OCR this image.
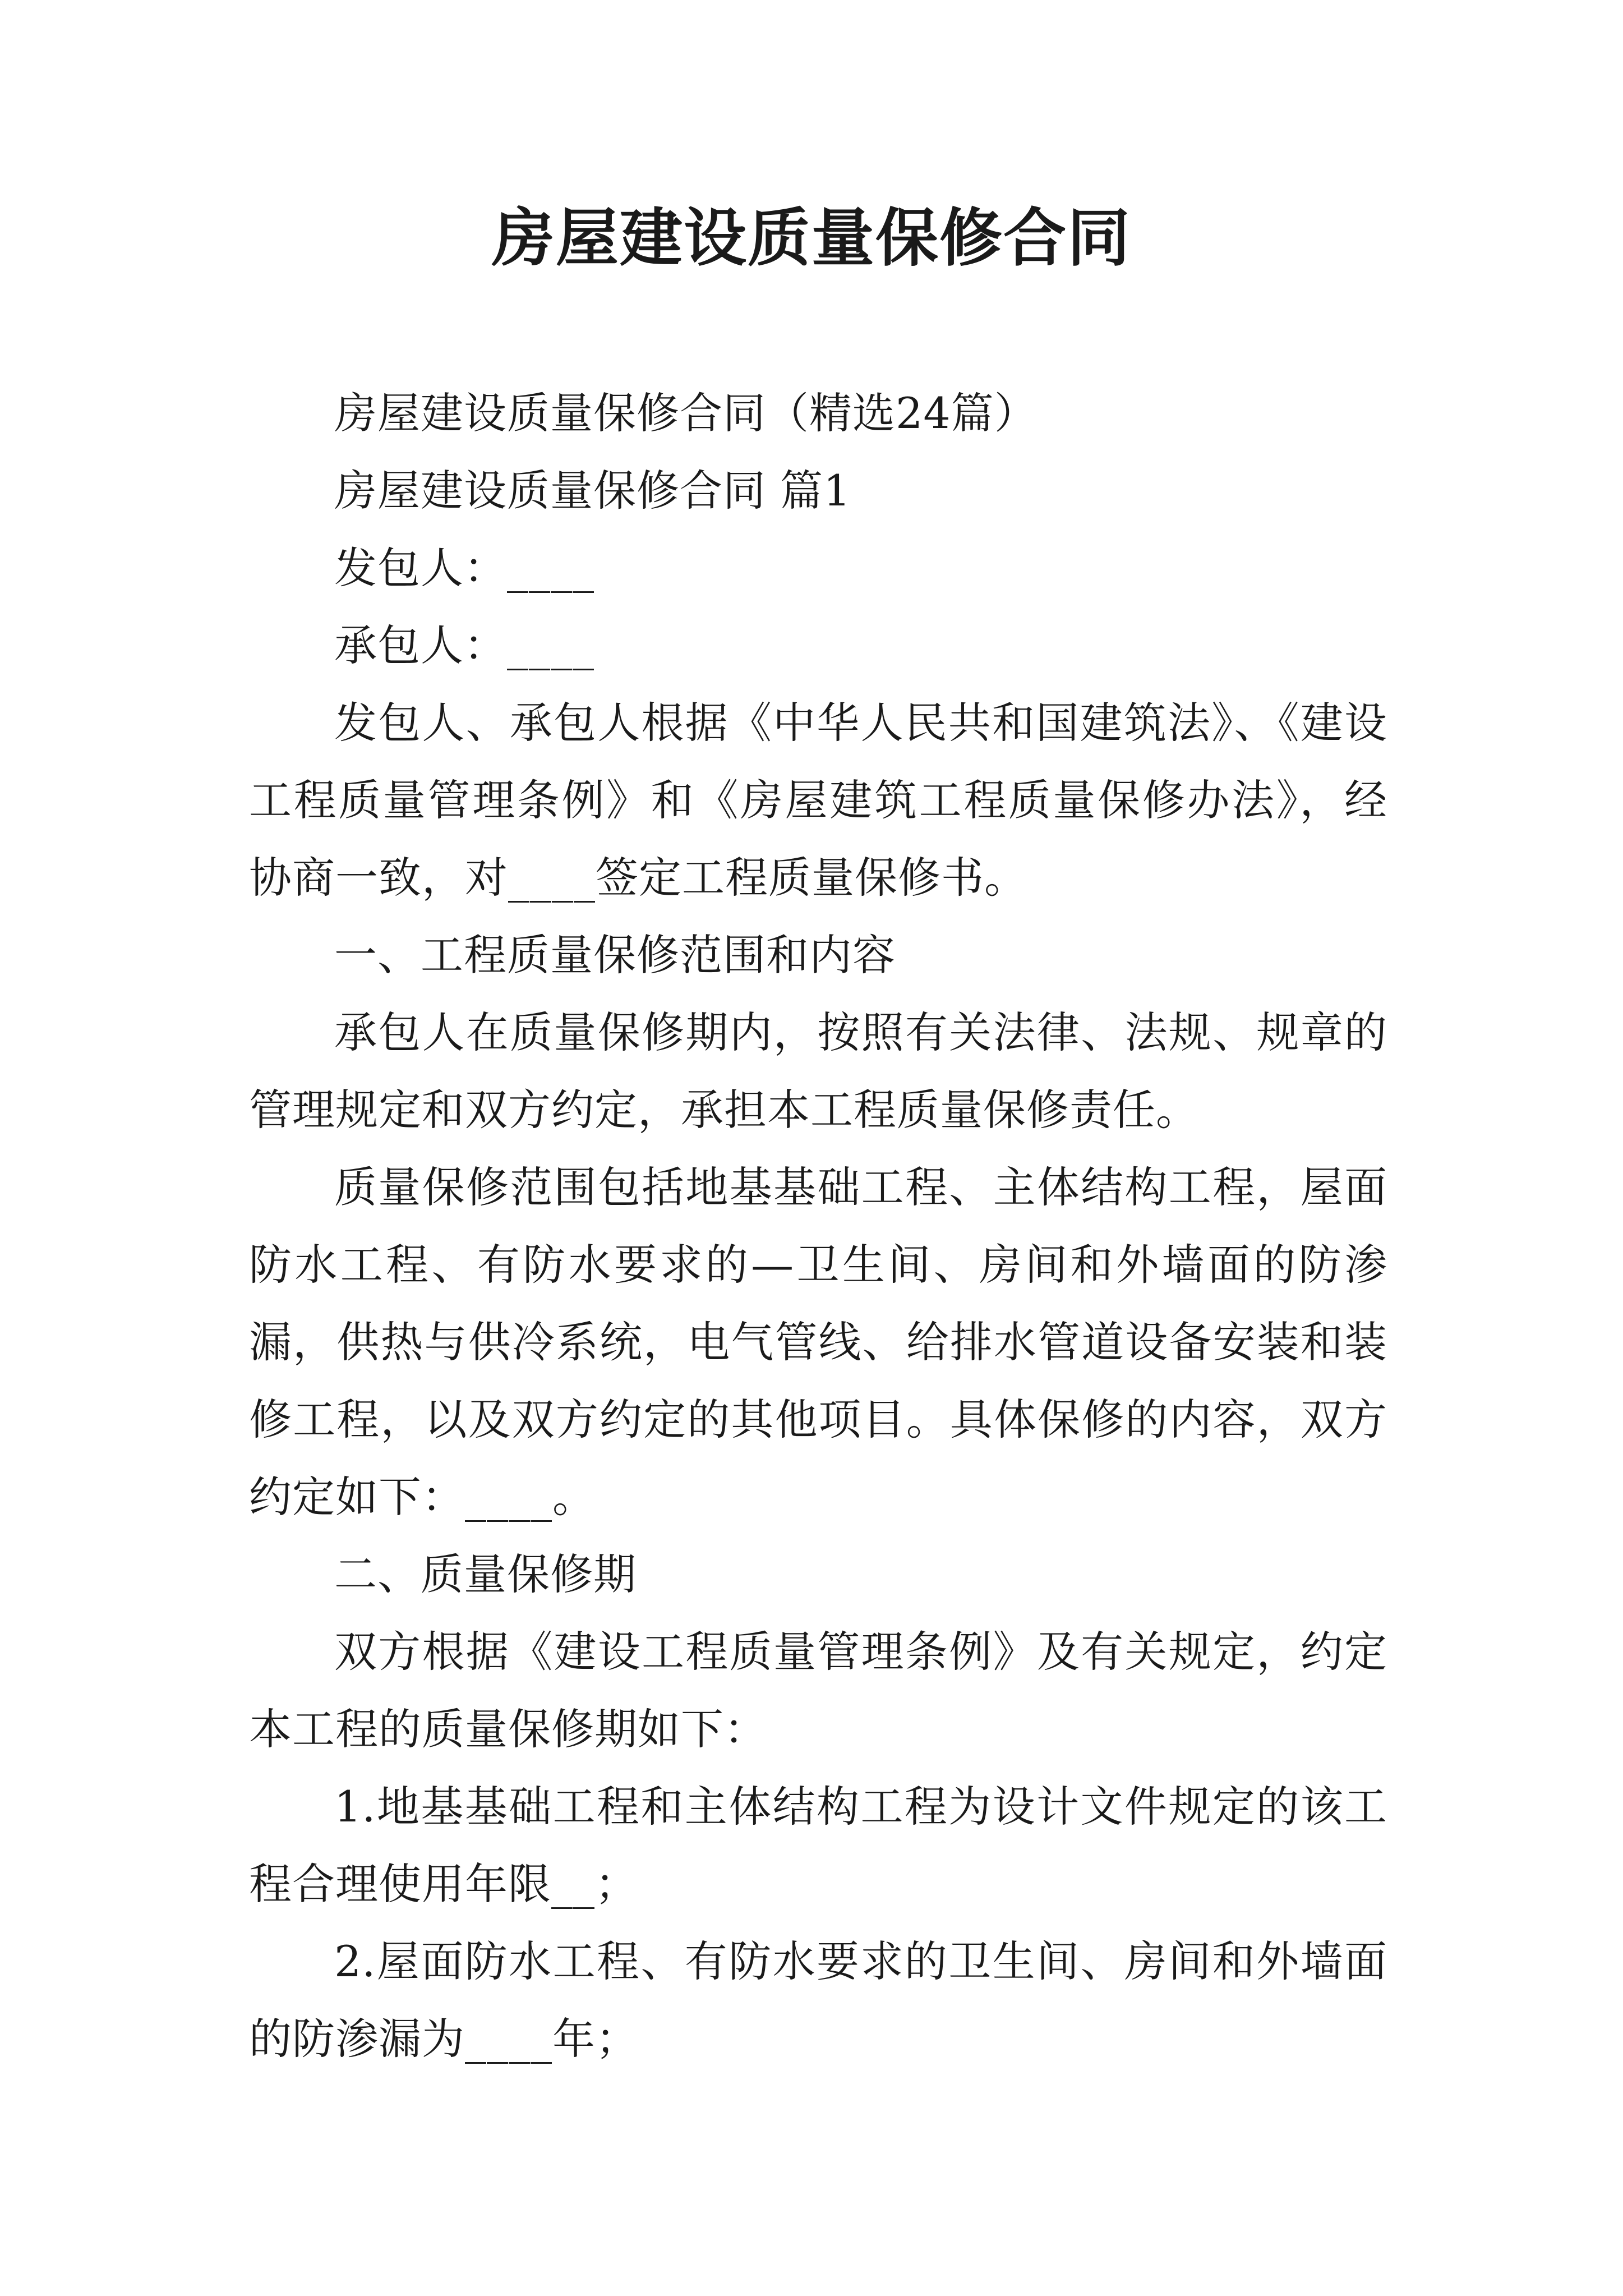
房屋建设质量保修合同

房屋建设质量保修合同（精选24篇）

房屋建设质量保修合同 篇1

发包人：____

承包人：____

发包人、承包人根据《中华人民共和国建筑法》、《建设工程质量管理条例》和《房屋建筑工程质量保修办法》，经协商一致，对____签定工程质量保修书。

一、工程质量保修范围和内容

承包人在质量保修期内，按照有关法律、法规、规章的管理规定和双方约定，承担本工程质量保修责任。

质量保修范围包括地基基础工程、主体结构工程，屋面防水工程、有防水要求的—卫生间、房间和外墙面的防渗漏，供热与供冷系统，电气管线、给排水管道设备安装和装修工程，以及双方约定的其他项目。具体保修的内容，双方约定如下：____。

二、质量保修期

双方根据《建设工程质量管理条例》及有关规定，约定本工程的质量保修期如下：

1.地基基础工程和主体结构工程为设计文件规定的该工程合理使用年限__；

2.屋面防水工程、有防水要求的卫生间、房间和外墙面的防渗漏为____年；
